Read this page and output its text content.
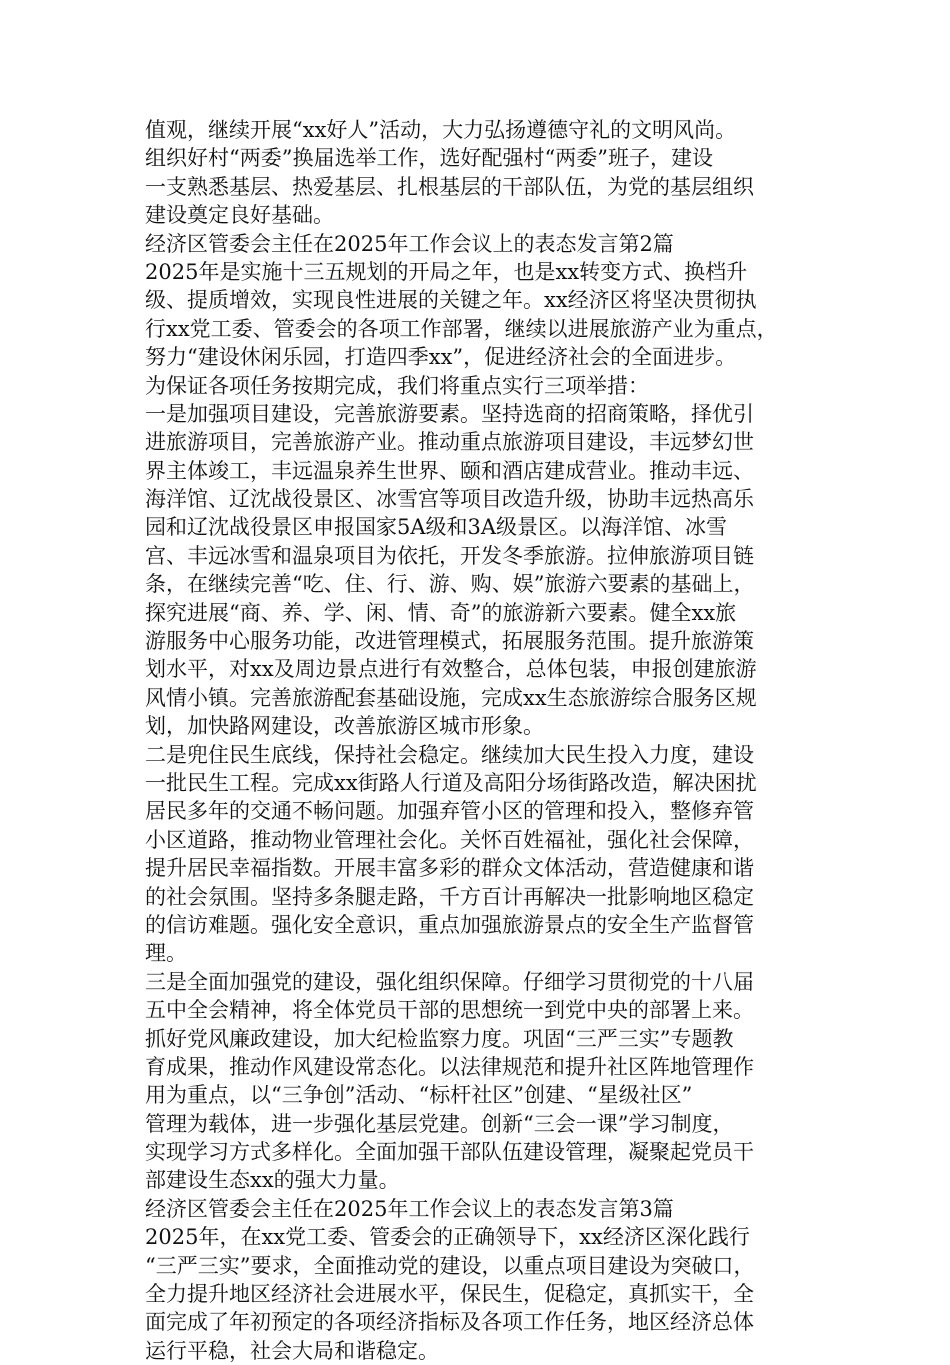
值观，继续开展“xx好人”活动，大力弘扬遵德守礼的文明风尚。
组织好村“两委”换届选举工作，选好配强村“两委”班子，建设
一支熟悉基层、热爱基层、扎根基层的干部队伍，为党的基层组织
建设奠定良好基础。
经济区管委会主任在2025年工作会议上的表态发言第2篇
2025年是实施十三五规划的开局之年，也是xx转变方式、换档升
级、提质增效，实现良性进展的关键之年。xx经济区将坚决贯彻执
行xx党工委、管委会的各项工作部署，继续以进展旅游产业为重点，
努力“建设休闲乐园，打造四季xx”，促进经济社会的全面进步。
为保证各项任务按期完成，我们将重点实行三项举措：
一是加强项目建设，完善旅游要素。坚持选商的招商策略，择优引
进旅游项目，完善旅游产业。推动重点旅游项目建设，丰远梦幻世
界主体竣工，丰远温泉养生世界、颐和酒店建成营业。推动丰远、
海洋馆、辽沈战役景区、冰雪宫等项目改造升级，协助丰远热高乐
园和辽沈战役景区申报国家5A级和3A级景区。以海洋馆、冰雪
宫、丰远冰雪和温泉项目为依托，开发冬季旅游。拉伸旅游项目链
条，在继续完善“吃、住、行、游、购、娱”旅游六要素的基础上，
探究进展“商、养、学、闲、情、奇”的旅游新六要素。健全xx旅
游服务中心服务功能，改进管理模式，拓展服务范围。提升旅游策
划水平，对xx及周边景点进行有效整合，总体包装，申报创建旅游
风情小镇。完善旅游配套基础设施，完成xx生态旅游综合服务区规
划，加快路网建设，改善旅游区城市形象。
二是兜住民生底线，保持社会稳定。继续加大民生投入力度，建设
一批民生工程。完成xx街路人行道及高阳分场街路改造，解决困扰
居民多年的交通不畅问题。加强弃管小区的管理和投入，整修弃管
小区道路，推动物业管理社会化。关怀百姓福祉，强化社会保障，
提升居民幸福指数。开展丰富多彩的群众文体活动，营造健康和谐
的社会氛围。坚持多条腿走路，千方百计再解决一批影响地区稳定
的信访难题。强化安全意识，重点加强旅游景点的安全生产监督管
理。
三是全面加强党的建设，强化组织保障。仔细学习贯彻党的十八届
五中全会精神，将全体党员干部的思想统一到党中央的部署上来。
抓好党风廉政建设，加大纪检监察力度。巩固“三严三实”专题教
育成果，推动作风建设常态化。以法律规范和提升社区阵地管理作
用为重点，以“三争创”活动、“标杆社区”创建、“星级社区”
管理为载体，进一步强化基层党建。创新“三会一课”学习制度，
实现学习方式多样化。全面加强干部队伍建设管理，凝聚起党员干
部建设生态xx的强大力量。
经济区管委会主任在2025年工作会议上的表态发言第3篇
2025年，在xx党工委、管委会的正确领导下，xx经济区深化践行
“三严三实”要求，全面推动党的建设，以重点项目建设为突破口，
全力提升地区经济社会进展水平，保民生，促稳定，真抓实干，全
面完成了年初预定的各项经济指标及各项工作任务，地区经济总体
运行平稳，社会大局和谐稳定。
